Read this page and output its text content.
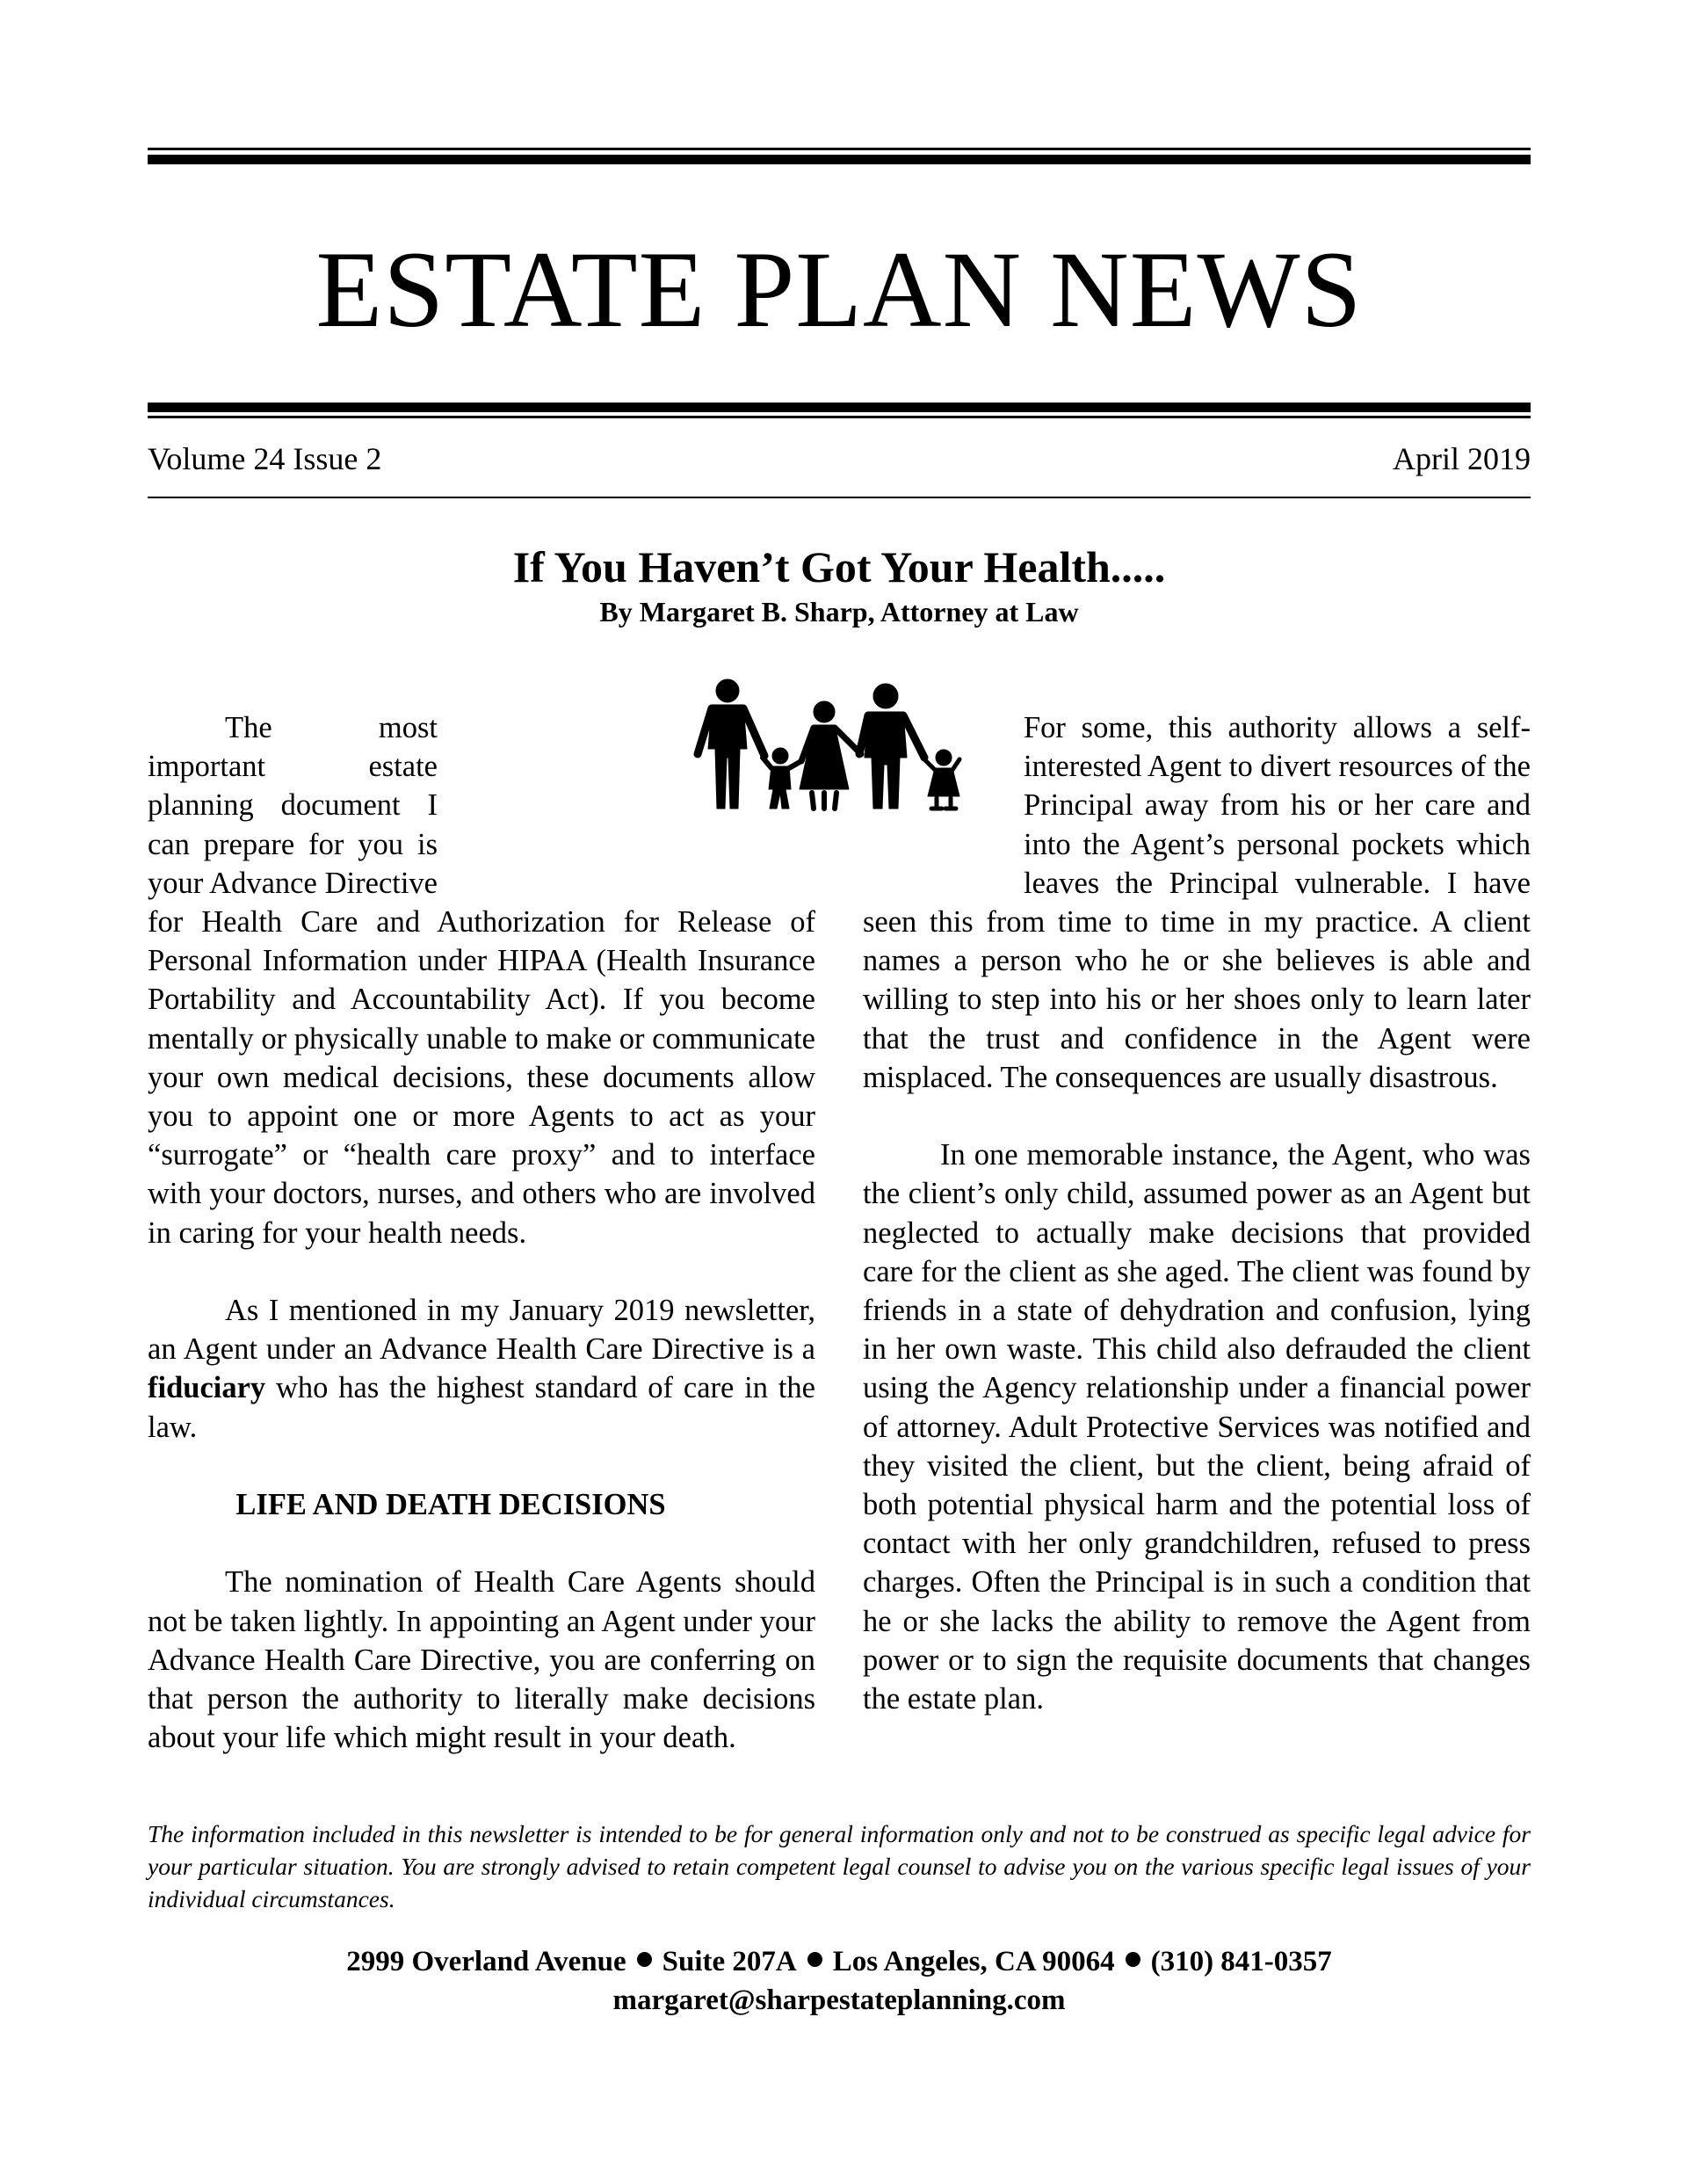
ESTATE PLAN NEWS
Volume 24 Issue 2	April 2019
If You Haven’t Got Your Health.....
By Margaret B. Sharp, Attorney at Law

The most important estate planning document I can prepare for you is your Advance Directive for Health Care and Authorization for Release of Personal Information under HIPAA (Health Insurance Portability and Accountability Act). If you become mentally or physically unable to make or communicate your own medical decisions, these documents allow you to appoint one or more Agents to act as your “surrogate” or “health care proxy” and to interface with your doctors, nurses, and others who are involved in caring for your health needs.

As I mentioned in my January 2019 newsletter, an Agent under an Advance Health Care Directive is a fiduciary who has the highest standard of care in the law.

LIFE AND DEATH DECISIONS

The nomination of Health Care Agents should not be taken lightly. In appointing an Agent under your Advance Health Care Directive, you are conferring on that person the authority to literally make decisions about your life which might result in your death.

For some, this authority allows a self-interested Agent to divert resources of the Principal away from his or her care and into the Agent’s personal pockets which leaves the Principal vulnerable. I have seen this from time to time in my practice. A client names a person who he or she believes is able and willing to step into his or her shoes only to learn later that the trust and confidence in the Agent were misplaced. The consequences are usually disastrous.

In one memorable instance, the Agent, who was the client’s only child, assumed power as an Agent but neglected to actually make decisions that provided care for the client as she aged. The client was found by friends in a state of dehydration and confusion, lying in her own waste. This child also defrauded the client using the Agency relationship under a financial power of attorney. Adult Protective Services was notified and they visited the client, but the client, being afraid of both potential physical harm and the potential loss of contact with her only grandchildren, refused to press charges. Often the Principal is in such a condition that he or she lacks the ability to remove the Agent from power or to sign the requisite documents that changes the estate plan.

The information included in this newsletter is intended to be for general information only and not to be construed as specific legal advice for your particular situation. You are strongly advised to retain competent legal counsel to advise you on the various specific legal issues of your individual circumstances.
2999 Overland Avenue Suite 207A Los Angeles, CA 90064 (310) 841-0357
margaret@sharpestateplanning.com
